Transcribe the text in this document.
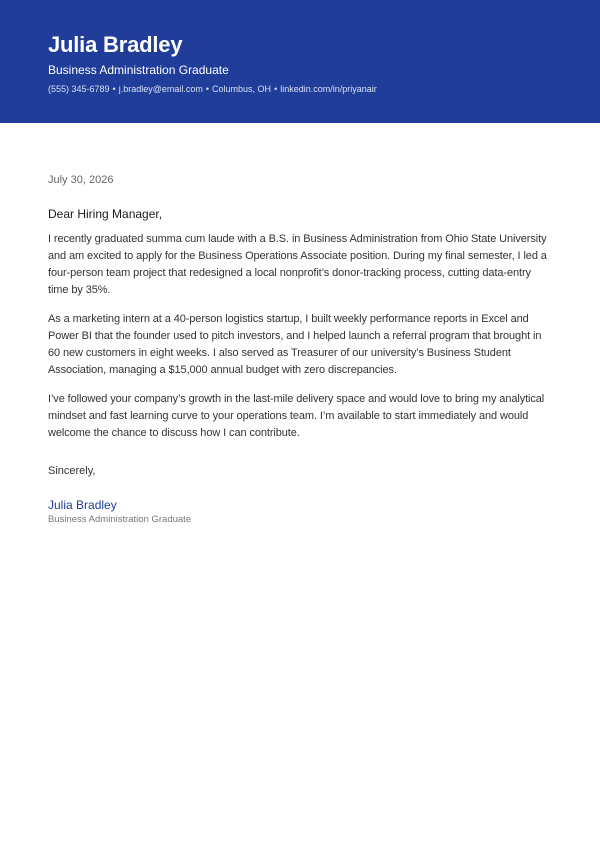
Julia Bradley
Business Administration Graduate
(555) 345-6789 • j.bradley@email.com • Columbus, OH • linkedin.com/in/priyanair
July 30, 2026
Dear Hiring Manager,

I recently graduated summa cum laude with a B.S. in Business Administration from Ohio State University and am excited to apply for the Business Operations Associate position. During my final semester, I led a four-person team project that redesigned a local nonprofit’s donor-tracking process, cutting data-entry time by 35%.

As a marketing intern at a 40-person logistics startup, I built weekly performance reports in Excel and Power BI that the founder used to pitch investors, and I helped launch a referral program that brought in 60 new customers in eight weeks. I also served as Treasurer of our university’s Business Student Association, managing a $15,000 annual budget with zero discrepancies.

I’ve followed your company’s growth in the last-mile delivery space and would love to bring my analytical mindset and fast learning curve to your operations team. I’m available to start immediately and would welcome the chance to discuss how I can contribute.

Sincerely,
Julia Bradley
Business Administration Graduate
